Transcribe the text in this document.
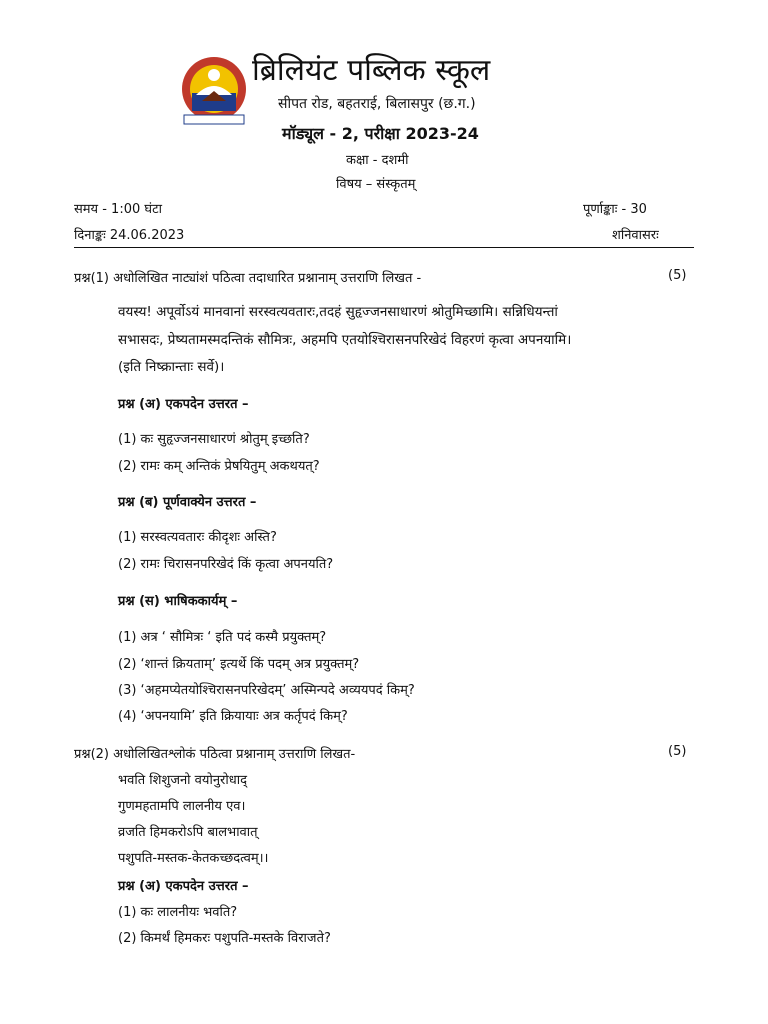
ब्रिलियंट पब्लिक स्कूल
सीपत रोड, बहतराई, बिलासपुर (छ.ग.)
मॉड्यूल - 2, परीक्षा 2023-24
कक्षा - दशमी
विषय – संस्कृतम्
समय - 1:00 घंटा	पूर्णाङ्काः - 30
दिनाङ्कः 24.06.2023	शनिवासरः
प्रश्न(1) अधोलिखित नाट्यांशं पठित्वा तदाधारित प्रश्नानाम् उत्तराणि लिखत -	(5)
वयस्य! अपूर्वोऽयं मानवानां सरस्वत्यवतारः,तदहं सुहृज्जनसाधारणं श्रोतुमिच्छामि। सन्निधियन्तां
सभासदः, प्रेष्यतामस्मदन्तिकं सौमित्रः, अहमपि एतयोश्चिरासनपरिखेदं विहरणं कृत्वा अपनयामि।
(इति निष्क्रान्ताः सर्वे)।
प्रश्न (अ) एकपदेन उत्तरत –
(1) कः सुहृज्जनसाधारणं श्रोतुम् इच्छति?
(2) रामः कम् अन्तिकं प्रेषयितुम् अकथयत्?
प्रश्न (ब) पूर्णवाक्येन उत्तरत –
(1) सरस्वत्यवतारः कीदृशः अस्ति?
(2) रामः चिरासनपरिखेदं किं कृत्वा अपनयति?
प्रश्न (स) भाषिककार्यम् –
(1) अत्र ‘ सौमित्रः ‘ इति पदं कस्मै प्रयुक्तम्?
(2) ‘शान्तं क्रियताम्’ इत्यर्थे किं पदम् अत्र प्रयुक्तम्?
(3) ‘अहमप्येतयोश्चिरासनपरिखेदम्’ अस्मिन्पदे अव्ययपदं किम्?
(4) ‘अपनयामि’ इति क्रियायाः अत्र कर्तृपदं किम्?
प्रश्न(2) अधोलिखितश्लोकं पठित्वा प्रश्नानाम् उत्तराणि लिखत-	(5)
भवति शिशुजनो वयोनुरोधाद्
गुणमहतामपि लालनीय एव।
व्रजति हिमकरोऽपि बालभावात्
पशुपति-मस्तक-केतकच्छदत्वम्।।
प्रश्न (अ) एकपदेन उत्तरत –
(1) कः लालनीयः भवति?
(2) किमर्थं हिमकरः पशुपति-मस्तके विराजते?
